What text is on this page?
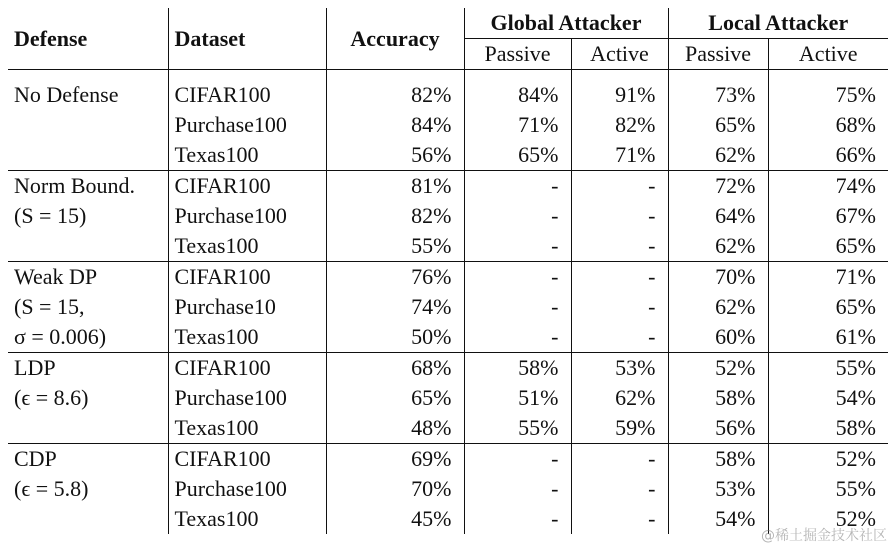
Defense	Dataset	Accuracy	Global Attacker		Local Attacker	
			Passive	Active	Passive	Active
No Defense	CIFAR100	82%	84%	91%	73%	75%
	Purchase100	84%	71%	82%	65%	68%
	Texas100	56%	65%	71%	62%	66%
Norm Bound.	CIFAR100	81%	-	-	72%	74%
(S = 15)	Purchase100	82%	-	-	64%	67%
	Texas100	55%	-	-	62%	65%
Weak DP	CIFAR100	76%	-	-	70%	71%
(S = 15,	Purchase10	74%	-	-	62%	65%
σ = 0.006)	Texas100	50%	-	-	60%	61%
LDP	CIFAR100	68%	58%	53%	52%	55%
(ϵ = 8.6)	Purchase100	65%	51%	62%	58%	54%
	Texas100	48%	55%	59%	56%	58%
CDP	CIFAR100	69%	-	-	58%	52%
(ϵ = 5.8)	Purchase100	70%	-	-	53%	55%
	Texas100	45%	-	-	54%	52%
@稀土掘金技术社区
